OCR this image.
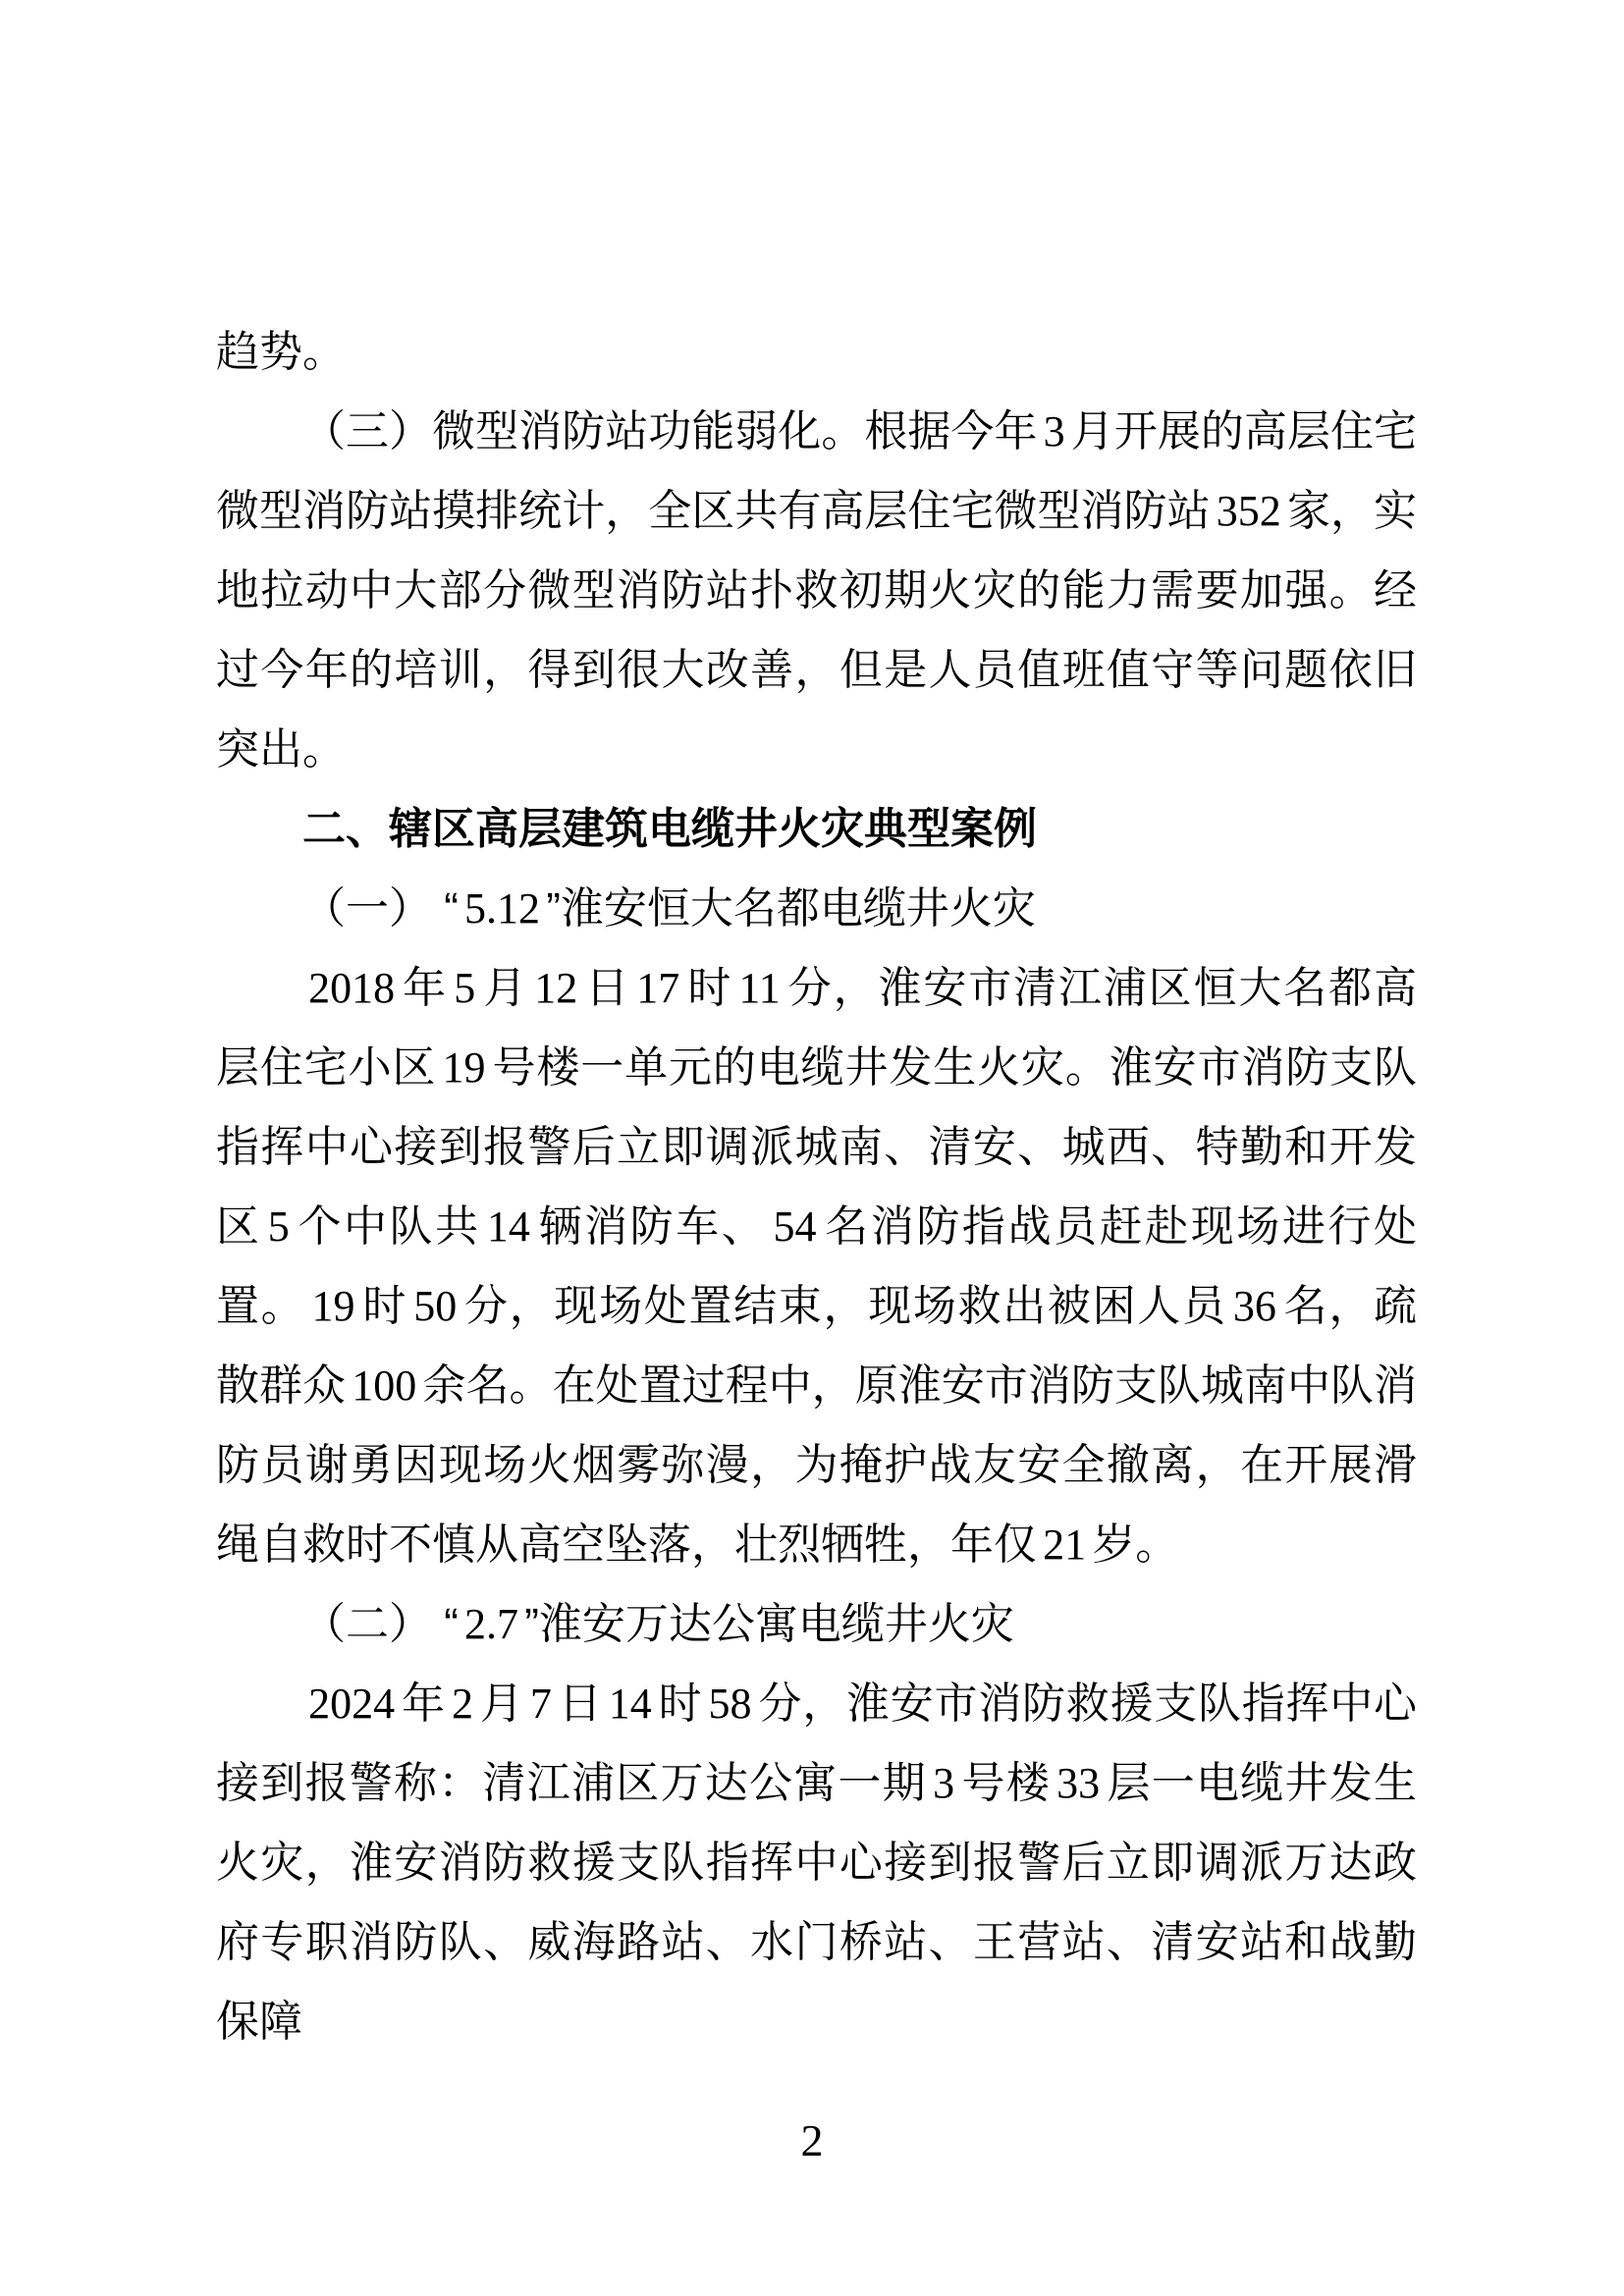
趋势。

（三）微型消防站功能弱化。根据今年 3 月开展的高层住宅微型消防站摸排统计，全区共有高层住宅微型消防站 352 家，实地拉动中大部分微型消防站扑救初期火灾的能力需要加强。经过今年的培训，得到很大改善，但是人员值班值守等问题依旧突出。

二、辖区高层建筑电缆井火灾典型案例

（一） “ 5.12 ”淮安恒大名都电缆井火灾

2018 年 5 月 12 日 17 时 11 分，淮安市清江浦区恒大名都高层住宅小区 19 号楼一单元的电缆井发生火灾。淮安市消防支队指挥中心接到报警后立即调派城南、清安、城西、特勤和开发区 5 个中队共 14 辆消防车、 54 名消防指战员赶赴现场进行处置。 19 时 50 分，现场处置结束，现场救出被困人员 36 名，疏散群众 100 余名。在处置过程中，原淮安市消防支队城南中队消防员谢勇因现场火烟雾弥漫，为掩护战友安全撤离，在开展滑绳自救时不慎从高空坠落，壮烈牺牲，年仅 21 岁。

（二） “ 2.7 ”淮安万达公寓电缆井火灾

2024 年 2 月 7 日 14 时 58 分，淮安市消防救援支队指挥中心接到报警称：清江浦区万达公寓一期 3 号楼 33 层一电缆井发生火灾，淮安消防救援支队指挥中心接到报警后立即调派万达政府专职消防队、威海路站、水门桥站、王营站、清安站和战勤保障

2
